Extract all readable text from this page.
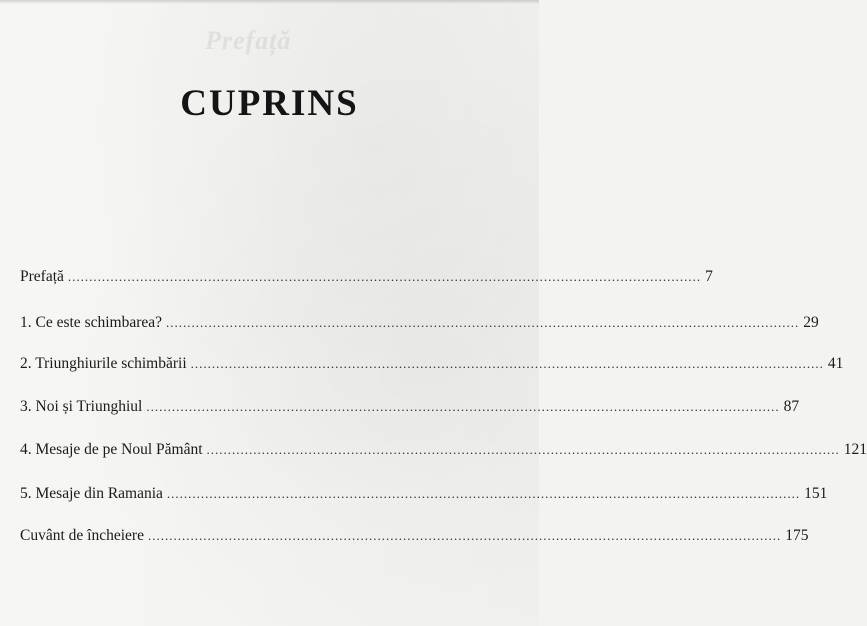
Prefață
CUPRINS
Prefață ..................................................................................................................................................... 7
1. Ce este schimbarea? ..................................................................................................................................................... 29
2. Triunghiurile schimbării ..................................................................................................................................................... 41
3. Noi și Triunghiul ..................................................................................................................................................... 87
4. Mesaje de pe Noul Pământ ..................................................................................................................................................... 121
5. Mesaje din Ramania ..................................................................................................................................................... 151
Cuvânt de încheiere ..................................................................................................................................................... 175
